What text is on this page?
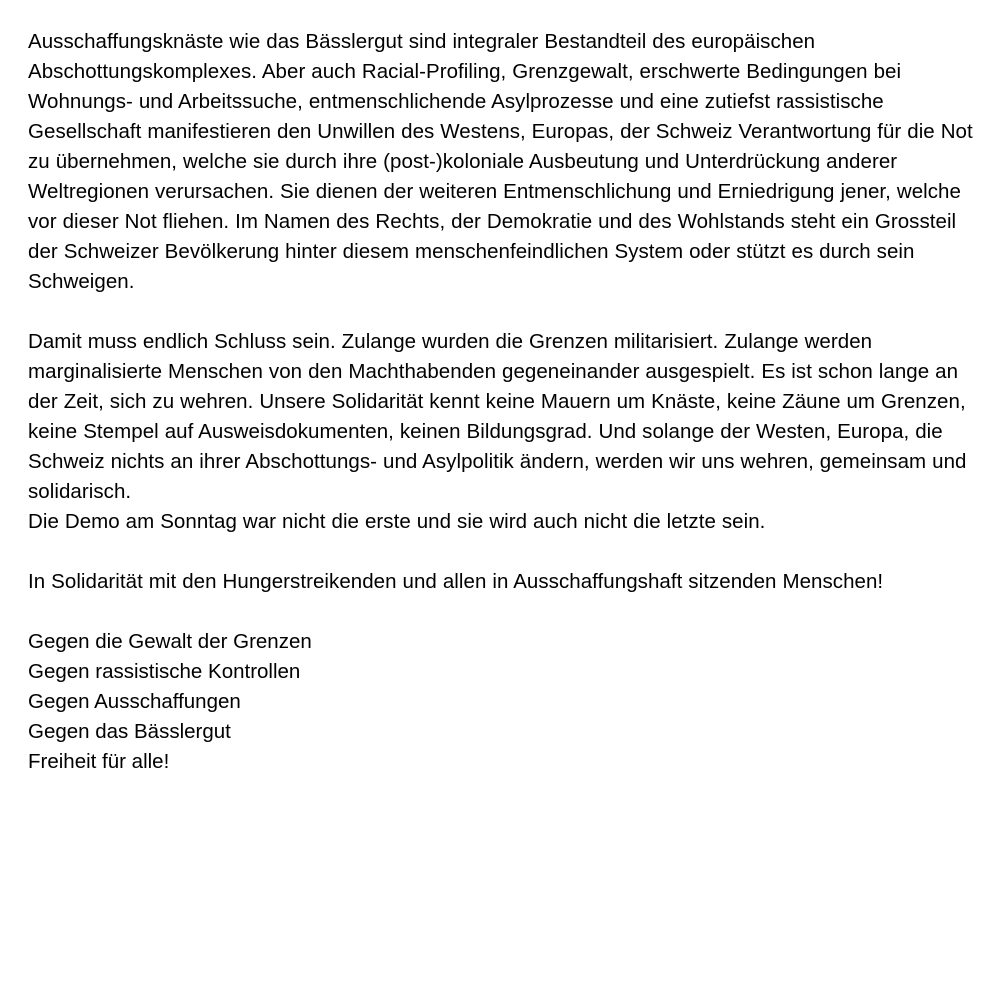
Ausschaffungsknäste wie das Bässlergut sind integraler Bestandteil des europäischen Abschottungskomplexes. Aber auch Racial-Profiling, Grenzgewalt, erschwerte Bedingungen bei Wohnungs- und Arbeitssuche, entmenschlichende Asylprozesse und eine zutiefst rassistische Gesellschaft manifestieren den Unwillen des Westens, Europas, der Schweiz Verantwortung für die Not zu übernehmen, welche sie durch ihre (post-)koloniale Ausbeutung und Unterdrückung anderer Weltregionen verursachen. Sie dienen der weiteren Entmenschlichung und Erniedrigung jener, welche vor dieser Not fliehen. Im Namen des Rechts, der Demokratie und des Wohlstands steht ein Grossteil der Schweizer Bevölkerung hinter diesem menschenfeindlichen System oder stützt es durch sein Schweigen.

Damit muss endlich Schluss sein. Zulange wurden die Grenzen militarisiert. Zulange werden marginalisierte Menschen von den Machthabenden gegeneinander ausgespielt. Es ist schon lange an der Zeit, sich zu wehren. Unsere Solidarität kennt keine Mauern um Knäste, keine Zäune um Grenzen, keine Stempel auf Ausweisdokumenten, keinen Bildungsgrad. Und solange der Westen, Europa, die Schweiz nichts an ihrer Abschottungs- und Asylpolitik ändern, werden wir uns wehren, gemeinsam und solidarisch.

Die Demo am Sonntag war nicht die erste und sie wird auch nicht die letzte sein.

In Solidarität mit den Hungerstreikenden und allen in Ausschaffungshaft sitzenden Menschen!

Gegen die Gewalt der Grenzen
Gegen rassistische Kontrollen
Gegen Ausschaffungen
Gegen das Bässlergut
Freiheit für alle!
